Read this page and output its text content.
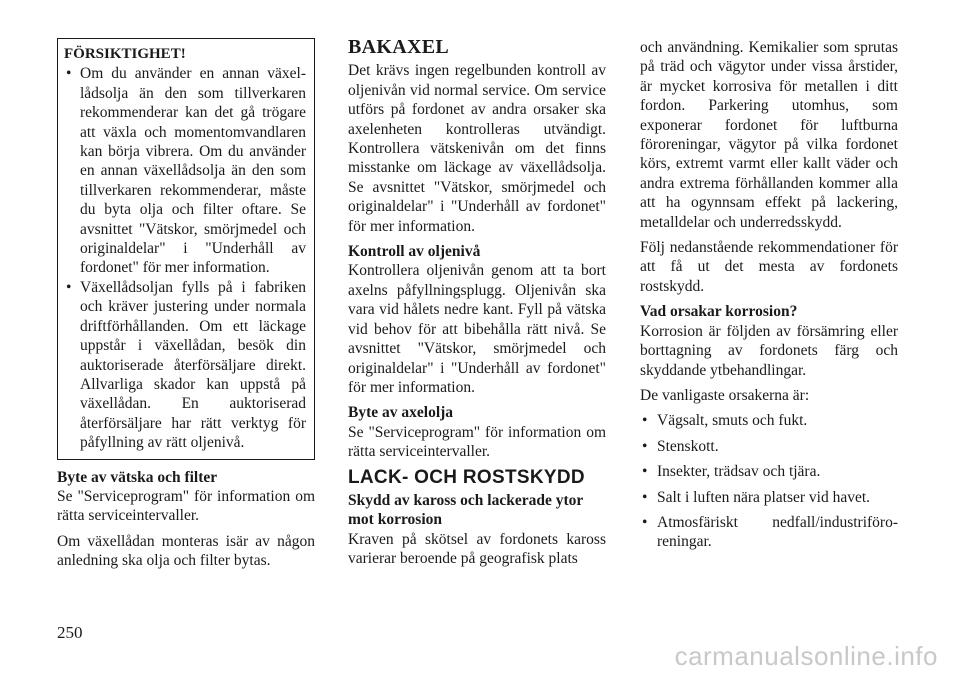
FÖRSIKTIGHET!
• Om du använder en annan växellådsolja än den som tillverkaren rekommenderar kan det gå trögare att växla och momentomvandlaren kan börja vibrera. Om du använder en annan växellådsolja än den som tillverkaren rekommenderar, måste du byta olja och filter oftare. Se avsnittet "Vätskor, smörjmedel och originaldelar" i "Underhåll av fordonet" för mer information.
• Växellådsoljan fylls på i fabriken och kräver justering under normala driftförhållanden. Om ett läckage uppstår i växellådan, besök din auktoriserade återförsäljare direkt. Allvarliga skador kan uppstå på växellådan. En auktoriserad återförsäljare har rätt verktyg för påfyllning av rätt oljenivå.
Byte av vätska och filter

Se "Serviceprogram" för information om rätta serviceintervaller.

Om växellådan monteras isär av någon anledning ska olja och filter bytas.

BAKAXEL

Det krävs ingen regelbunden kontroll av oljenivån vid normal service. Om service utförs på fordonet av andra orsaker ska axelenheten kontrolleras utvändigt. Kontrollera vätskenivån om det finns misstanke om läckage av växellådsolja. Se avsnittet "Vätskor, smörjmedel och originaldelar" i "Underhåll av fordonet" för mer information.

Kontroll av oljenivå

Kontrollera oljenivån genom att ta bort axelns påfyllningsplugg. Oljenivån ska vara vid hålets nedre kant. Fyll på vätska vid behov för att bibehålla rätt nivå. Se avsnittet "Vätskor, smörjmedel och originaldelar" i "Underhåll av fordonet" för mer information.

Byte av axelolja

Se "Serviceprogram" för information om rätta serviceintervaller.

LACK- OCH ROSTSKYDD
Skydd av kaross och lackerade ytor mot korrosion

Kraven på skötsel av fordonets kaross varierar beroende på geografisk plats

och användning. Kemikalier som sprutas på träd och vägytor under vissa årstider, är mycket korrosiva för metallen i ditt fordon. Parkering utomhus, som exponerar fordonet för luftburna föroreningar, vägytor på vilka fordonet körs, extremt varmt eller kallt väder och andra extrema förhållanden kommer alla att ha ogynnsam effekt på lackering, metalldelar och underredsskydd.

Följ nedanstående rekommendationer för att få ut det mesta av fordonets rostskydd.

Vad orsakar korrosion?

Korrosion är följden av försämring eller borttagning av fordonets färg och skyddande ytbehandlingar.

De vanligaste orsakerna är:

• Vägsalt, smuts och fukt.
• Stenskott.
• Insekter, trädsav och tjära.
• Salt i luften nära platser vid havet.
• Atmosfäriskt nedfall/industriföroreningar.
250
carmanualsonline.info
